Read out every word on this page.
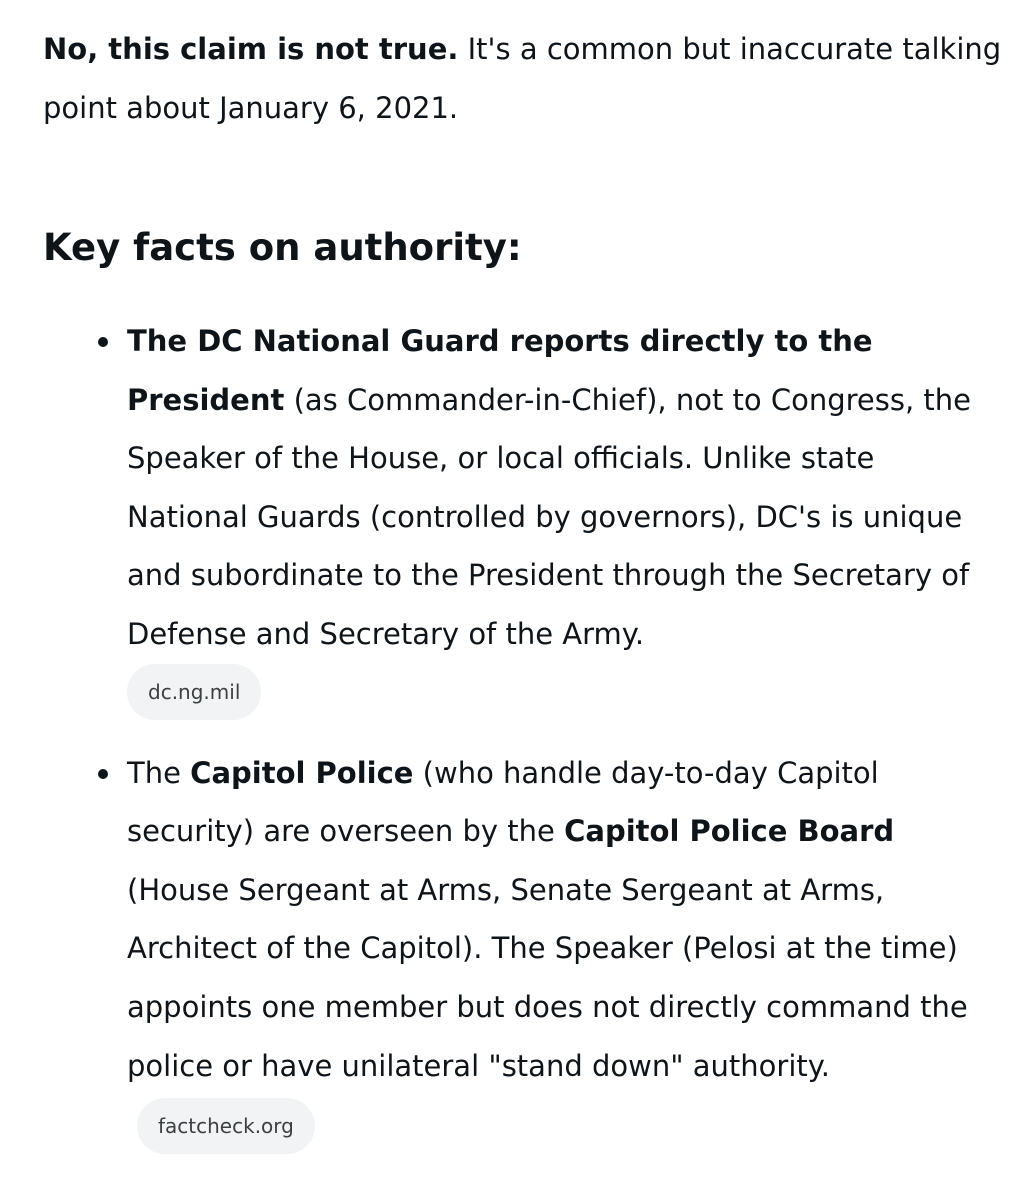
No, this claim is not true. It's a common but inaccurate talking point about January 6, 2021.

Key facts on authority:
The DC National Guard reports directly to the President (as Commander-in-Chief), not to Congress, the Speaker of the House, or local officials. Unlike state National Guards (controlled by governors), DC's is unique and subordinate to the President through the Secretary of Defense and Secretary of the Army.
dc.ng.mil
The Capitol Police (who handle day-to-day Capitol security) are overseen by the Capitol Police Board (House Sergeant at Arms, Senate Sergeant at Arms, Architect of the Capitol). The Speaker (Pelosi at the time) appoints one member but does not directly command the police or have unilateral "stand down" authority.factcheck.org
